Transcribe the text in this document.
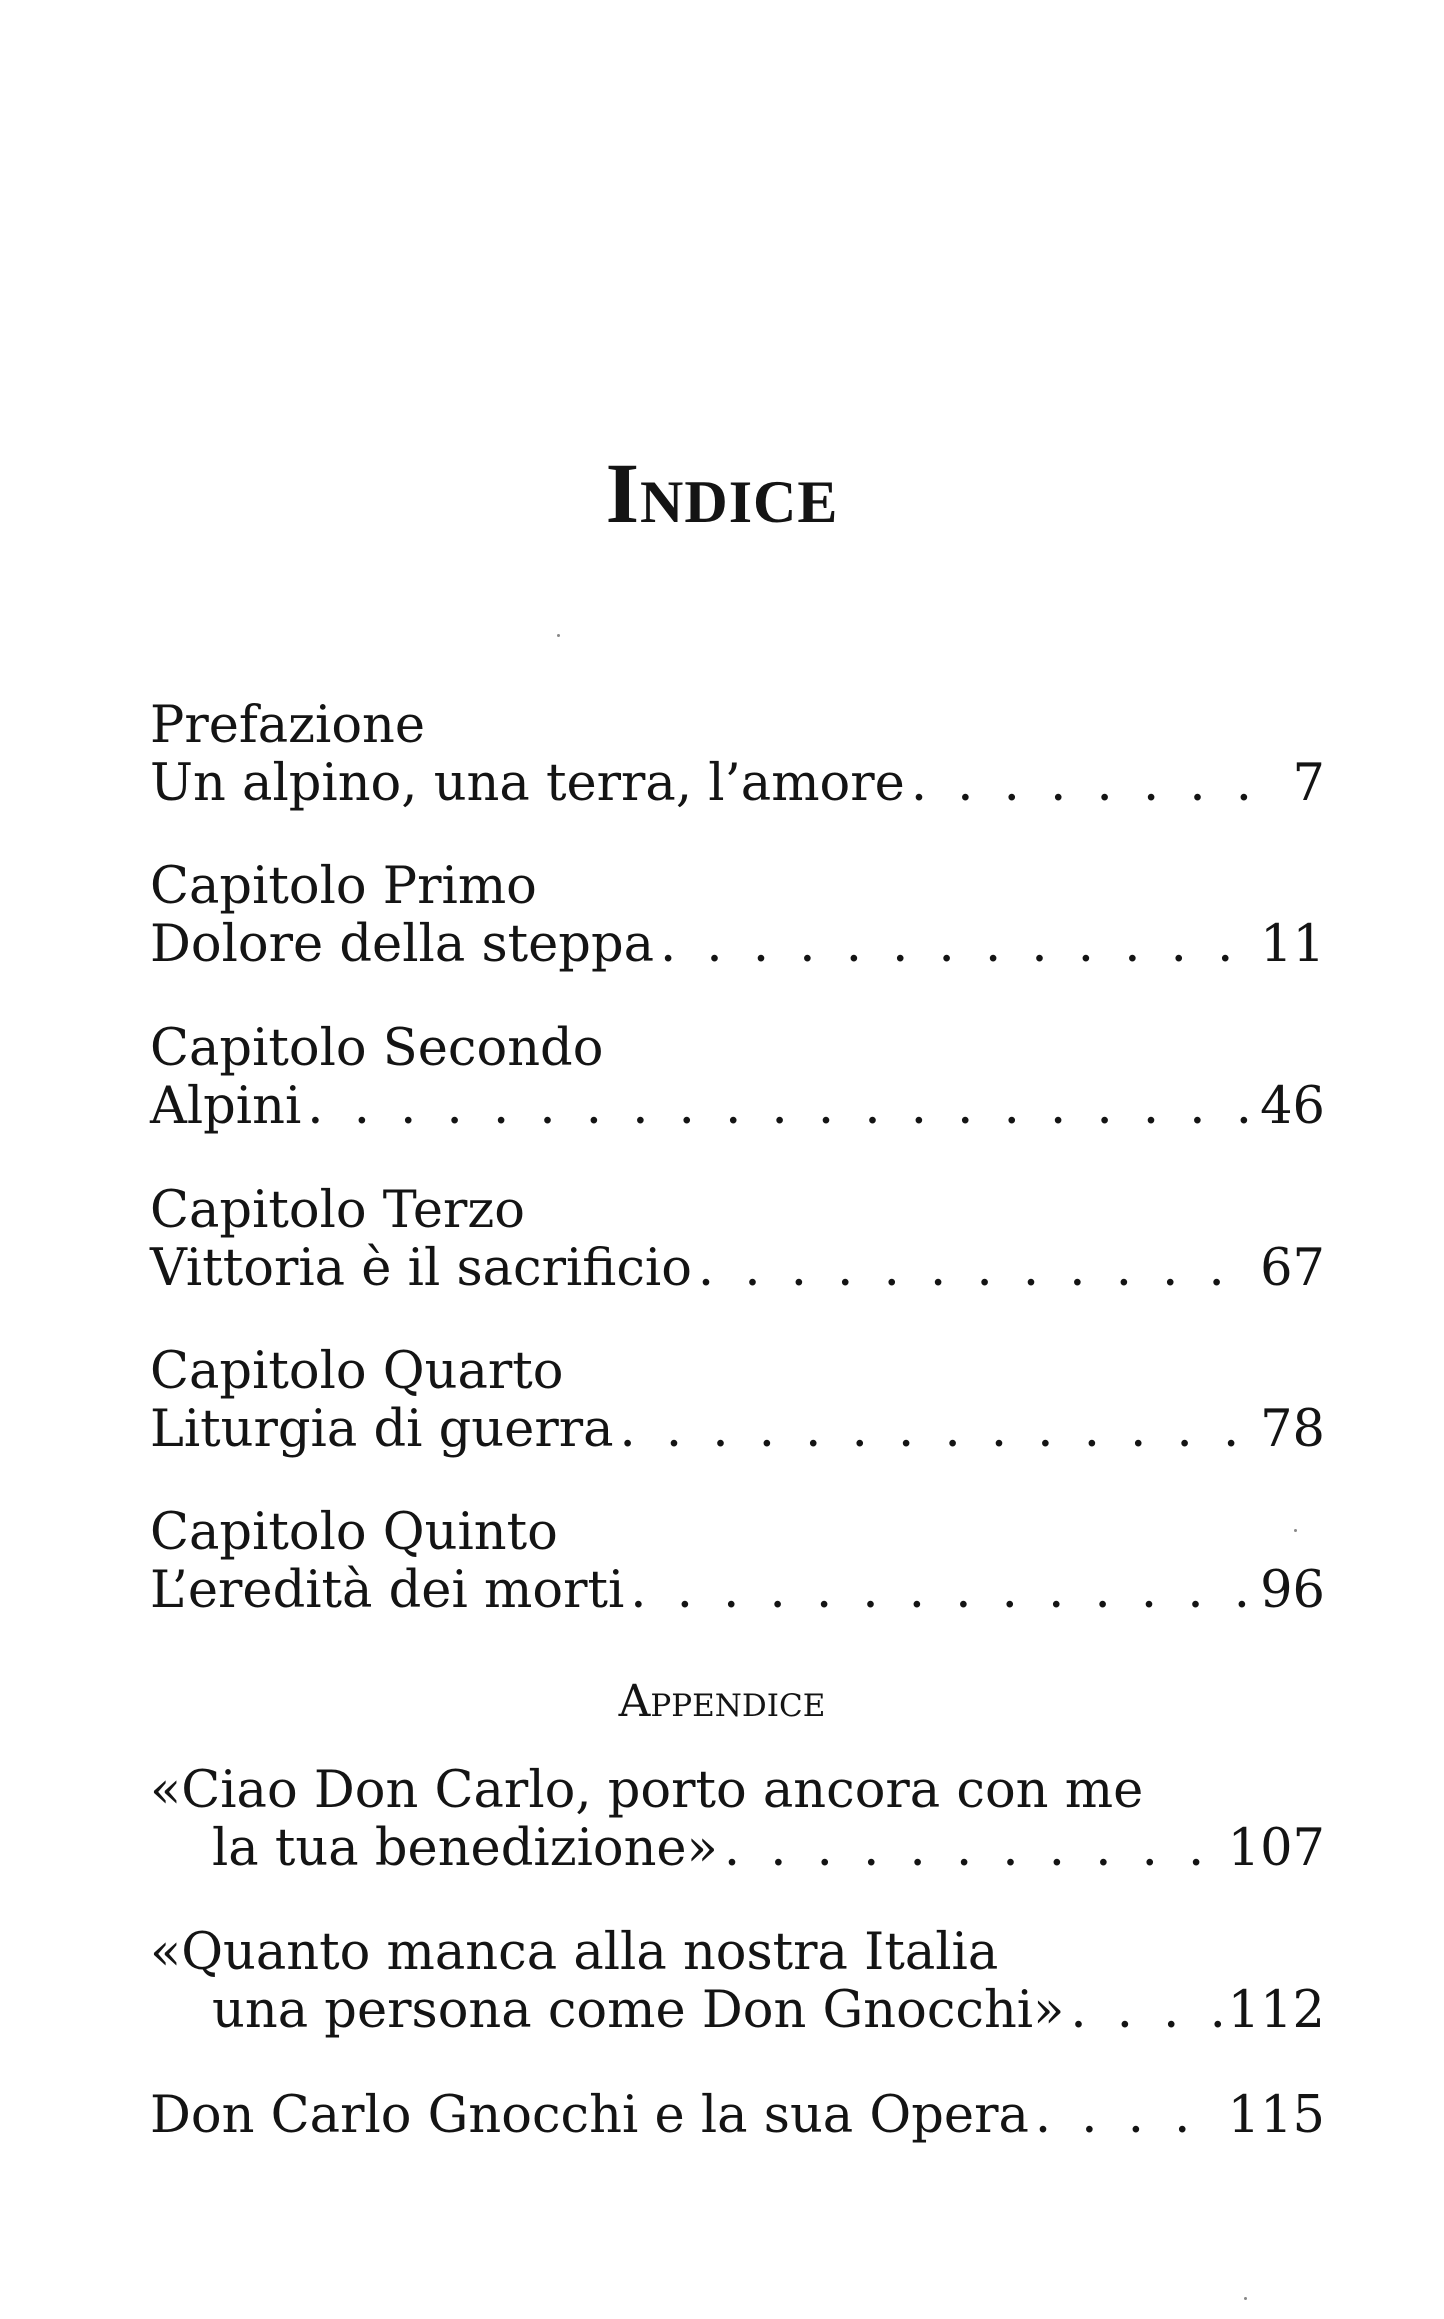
Indice
Prefazione
Un alpino, una terra, l’amore . . .	7
Capitolo Primo
Dolore della steppa . . .	11
Capitolo Secondo
Alpini . . .	46
Capitolo Terzo
Vittoria è il sacrificio . . .	67
Capitolo Quarto
Liturgia di guerra . . .	78
Capitolo Quinto
L’eredità dei morti . . .	96
Appendice
«Ciao Don Carlo, porto ancora con me
la tua benedizione» . . .	107
«Quanto manca alla nostra Italia
una persona come Don Gnocchi» . . .	112
Don Carlo Gnocchi e la sua Opera . . .	115
